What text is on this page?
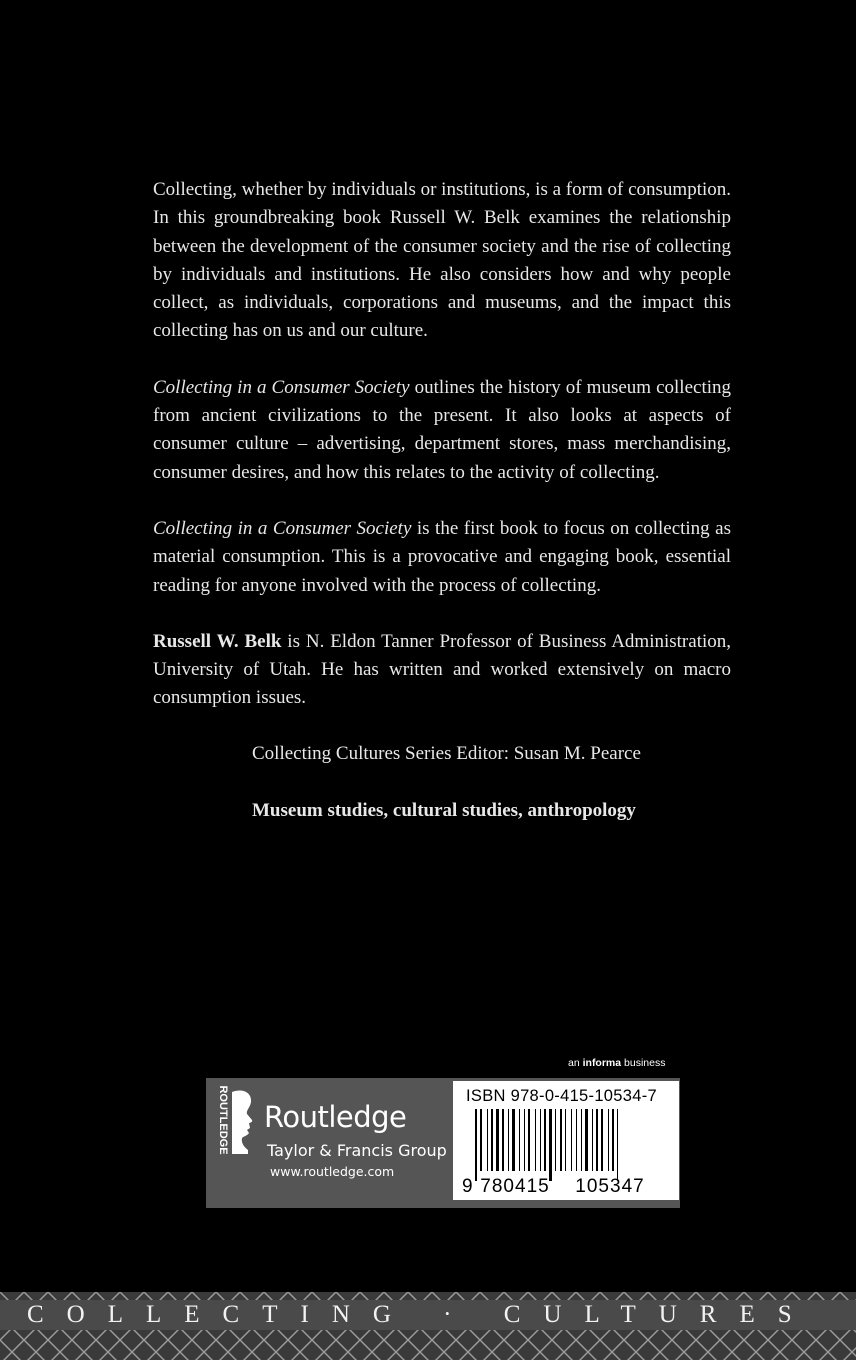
Collecting, whether by individuals or institutions, is a form of consumption. In this groundbreaking book Russell W. Belk examines the relationship between the development of the consumer society and the rise of collecting by individuals and institutions. He also considers how and why people collect, as individuals, corporations and museums, and the impact this collecting has on us and our culture.

Collecting in a Consumer Society outlines the history of museum collecting from ancient civilizations to the present. It also looks at aspects of consumer culture – advertising, department stores, mass merchandising, consumer desires, and how this relates to the activity of collecting.

Collecting in a Consumer Society is the first book to focus on collecting as material consumption. This is a provocative and engaging book, essential reading for anyone involved with the process of collecting.

Russell W. Belk is N. Eldon Tanner Professor of Business Administration, University of Utah. He has written and worked extensively on macro consumption issues.

Collecting Cultures Series Editor: Susan M. Pearce
Museum studies, cultural studies, anthropology
an informa business
ROUTLEDGE Routledge
Taylor & Francis Group
www.routledge.com
ISBN 978-0-415-10534-7
9 780415 105347
COLLECTING · CULTURES
